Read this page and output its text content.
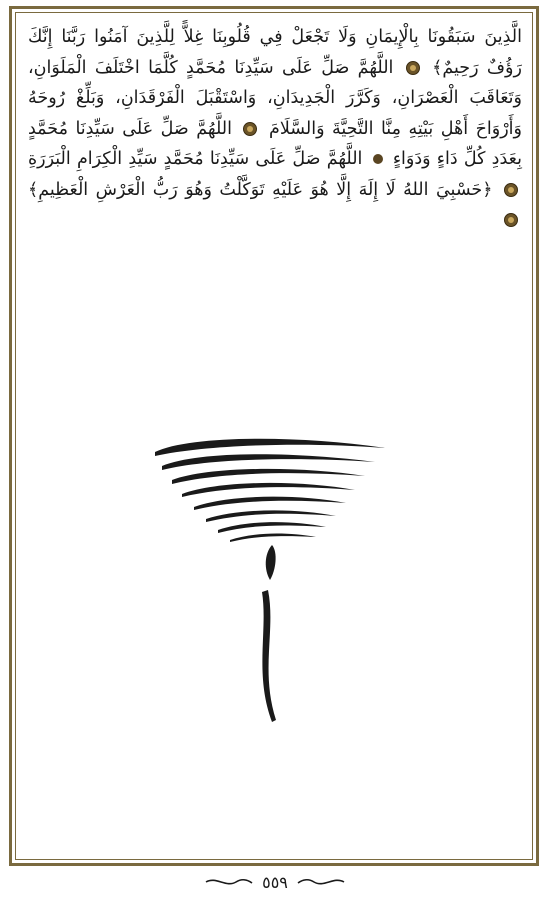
الَّذِينَ سَبَقُونَا بِالْإِيمَانِ وَلَا تَجْعَلْ فِي قُلُوبِنَا غِلاًّ لِلَّذِينَ آمَنُوا رَبَّنَا إِنَّكَ رَؤُفٌ رَحِيمٌ﴾  اللَّهُمَّ صَلِّ عَلَى سَيِّدِنَا مُحَمَّدٍ كُلَّمَا اخْتَلَفَ الْمَلَوَانِ، وَتَعَاقَبَ الْعَصْرَانِ، وَكَرَّرَ الْجَدِيدَانِ، وَاسْتَقْبَلَ الْفَرْقَدَانِ، وَبَلِّغْ رُوحَهُ وَأَرْوَاحَ أَهْلِ بَيْتِهِ مِنَّا التَّحِيَّةَ وَالسَّلَامَ  اللَّهُمَّ صَلِّ عَلَى سَيِّدِنَا مُحَمَّدٍ بِعَدَدِ كُلِّ دَاءٍ وَدَوَاءٍ  اللَّهُمَّ صَلِّ عَلَى سَيِّدِنَا مُحَمَّدٍ سَيِّدِ الْكِرَامِ الْبَرَرَةِ  ﴿حَسْبِيَ اللهُ لَا إِلَهَ إِلَّا هُوَ عَلَيْهِ تَوَكَّلْتُ وَهُوَ رَبُّ الْعَرْشِ الْعَظِيمِ﴾

٥٥٩
